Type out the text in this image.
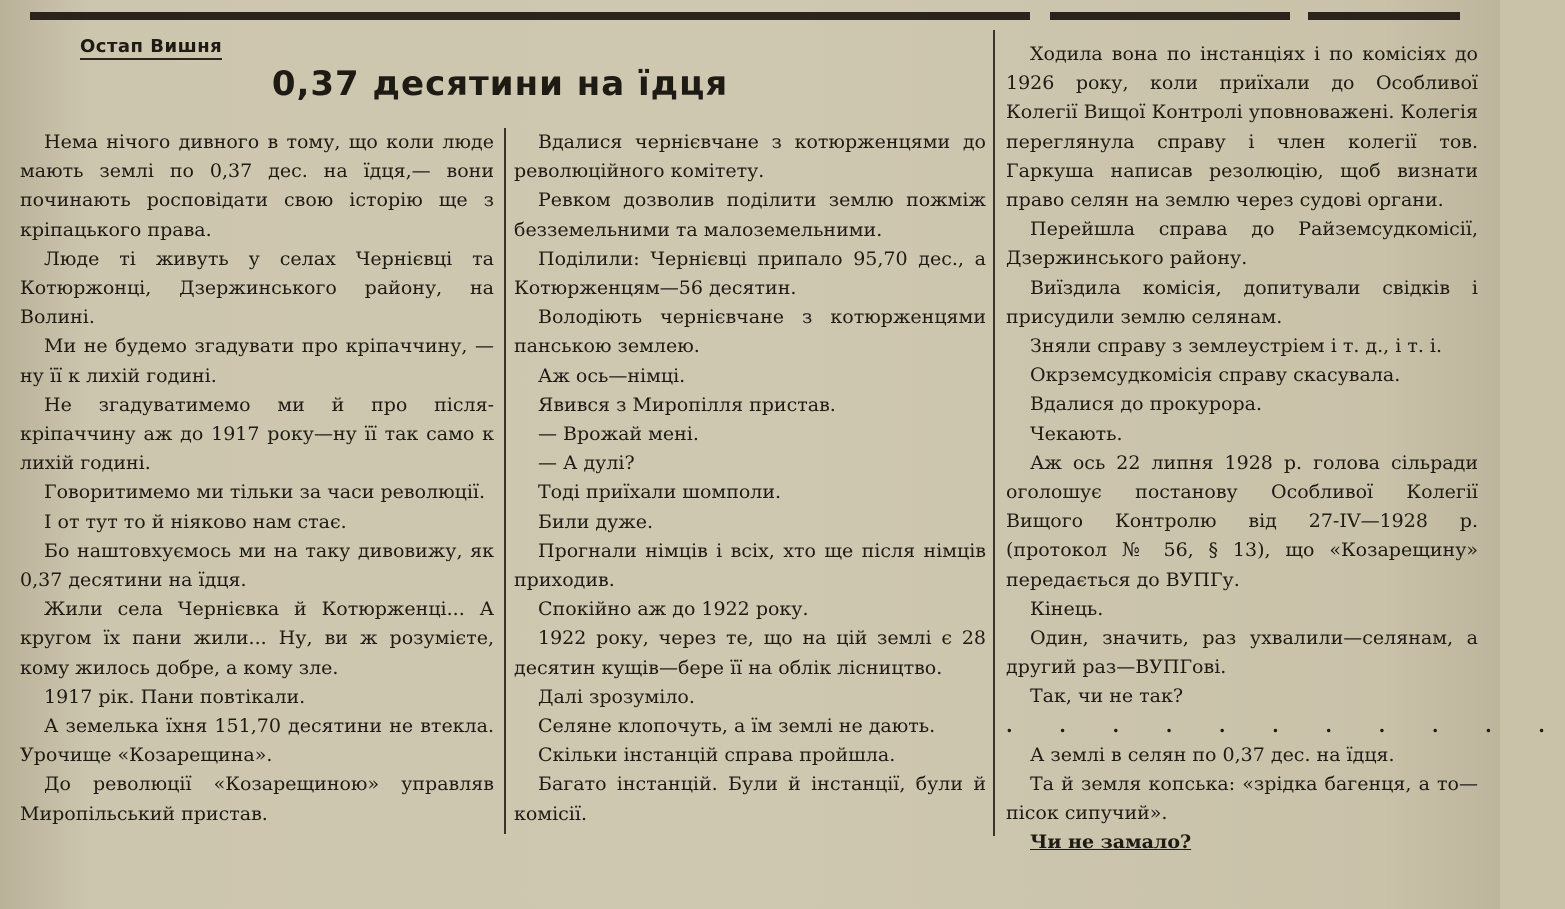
Остап Вишня
0,37 десятини на їдця

Нема нічого дивного в тому, що коли люде мають землі по 0,37 дес. на їдця,— вони починають росповідати свою історію ще з кріпацького права.

Люде ті живуть у селах Чернієвці та Котюржонці, Дзержинського району, на Волині.

Ми не будемо згадувати про кріпаччину, —ну її к лихій годині.

Не згадуватимемо ми й про після-кріпаччину аж до 1917 року—ну її так само к лихій годині.

Говоритимемо ми тільки за часи революції.

І от тут то й ніяково нам стає.

Бо наштовхуємось ми на таку дивовижу, як 0,37 десятини на їдця.

Жили села Чернієвка й Котюрженці... А кругом їх пани жили... Ну, ви ж розумієте, кому жилось добре, а кому зле.

1917 рік. Пани повтікали.

А земелька їхня 151,70 десятини не втекла. Урочище «Козарещина».

До революції «Козарещиною» управляв Миропільський пристав.

Вдалися чернієвчане з котюрженцями до революційного комітету.

Ревком дозволив поділити землю пожміж безземельними та малоземельними.

Поділили: Чернієвці припало 95,70 дес., а Котюрженцям—56 десятин.

Володіють чернієвчане з котюрженцями панською землею.

Аж ось—німці.

Явився з Миропілля пристав.

— Врожай мені.

— А дулі?

Тоді приїхали шомполи.

Били дуже.

Прогнали німців і всіх, хто ще після німців приходив.

Спокійно аж до 1922 року.

1922 року, через те, що на цій землі є 28 десятин кущів—бере її на облік лісництво.

Далі зрозуміло.

Селяне клопочуть, а їм землі не дають.

Скільки інстанцій справа пройшла.

Багато інстанцій. Були й інстанції, були й комісії.

Ходила вона по інстанціях і по комісіях до 1926 року, коли приїхали до Особливої Колегії Вищої Контролі уповноважені. Колегія переглянула справу і член колегії тов. Гаркуша написав резолюцію, щоб визнати право селян на землю через судові органи.

Перейшла справа до Райземсудкомісії, Дзержинського району.

Виїздила комісія, допитували свідків і присудили землю селянам.

Зняли справу з землеустріем і т. д., і т. і.

Окрземсудкомісія справу скасувала.

Вдалися до прокурора.

Чекають.

Аж ось 22 липня 1928 р. голова сільради оголошує постанову Особливої Колегії Вищого Контролю від 27-IV—1928 р. (протокол № 56, § 13), що «Козарещину» передається до ВУПГу.

Кінець.

Один, значить, раз ухвалили—селянам, а другий раз—ВУПГові.

Так, чи не так?

. . . . . . . . . . .

А землі в селян по 0,37 дес. на їдця.

Та й земля копська: «зрідка багенця, а то—пісок сипучий».

Чи не замало?
